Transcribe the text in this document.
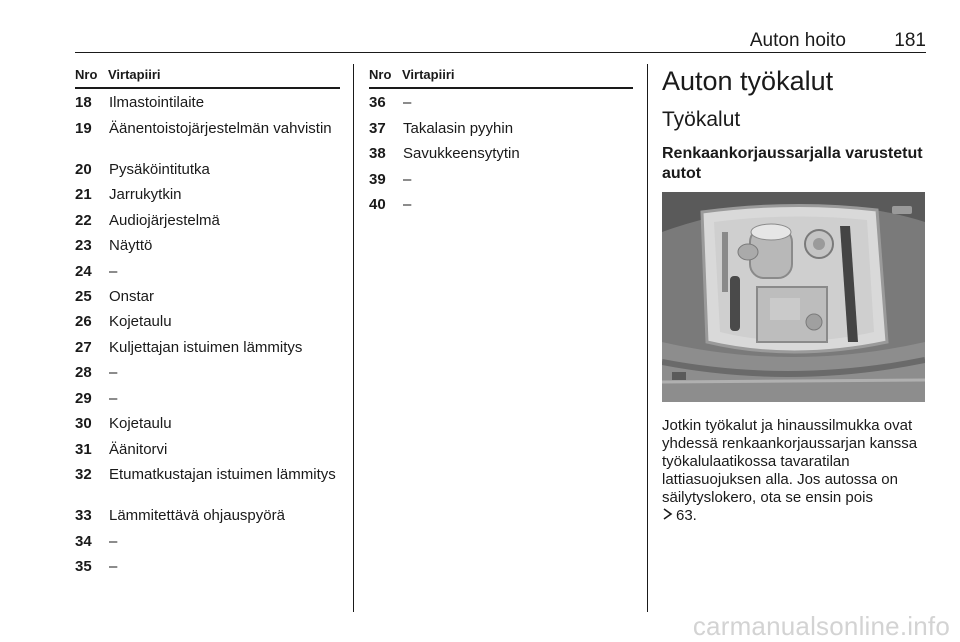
Auton hoito	181
Nro Virtapiiri
18 Ilmastointilaite
19 Äänentoistojärjestelmän vahvistin
20 Pysäköintitutka
21 Jarrukytkin
22 Audiojärjestelmä
23 Näyttö
24 –
25 Onstar
26 Kojetaulu
27 Kuljettajan istuimen lämmitys
28 –
29 –
30 Kojetaulu
31 Äänitorvi
32 Etumatkustajan istuimen lämmitys
33 Lämmitettävä ohjauspyörä
34 –
35 –
Nro Virtapiiri
36 –
37 Takalasin pyyhin
38 Savukkeensytytin
39 –
40 –
Auton työkalut
Työkalut
Renkaankorjaussarjalla varustetut autot
Jotkin työkalut ja hinaussilmukka ovat yhdessä renkaankorjaussarjan kanssa työkalulaatikossa tavaratilan lattiasuojuksen alla. Jos autossa on säilytyslokero, ota se ensin pois
63.
carmanualsonline.info
